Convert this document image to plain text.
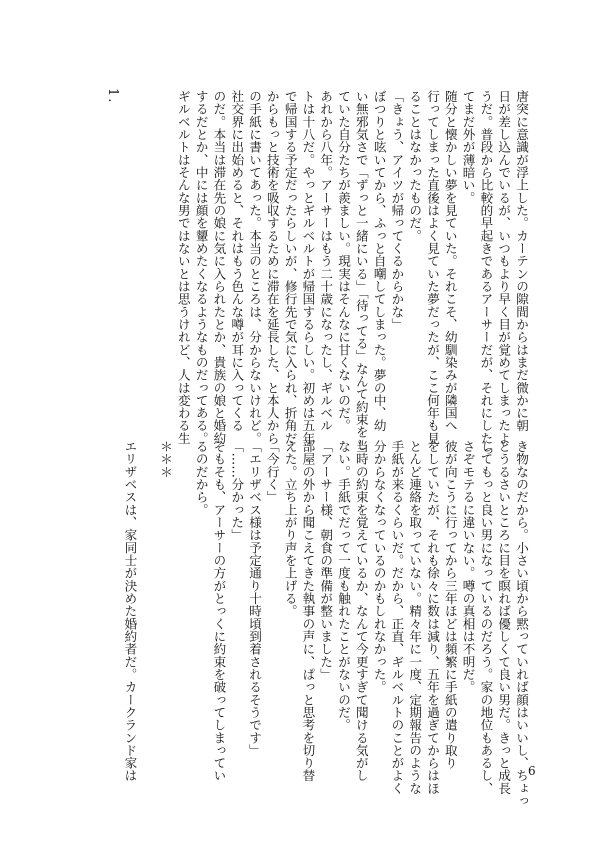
1.	唐突に意識が浮上した。カーテンの隙間からはまだ微かに朝
日が差し込んでいるが、いつもより早く目が覚めてしまったよ
うだ。普段から比較的早起きであるアーサーだが、それにしたっ
てまだ外が薄暗い。
随分と懐かしい夢を見ていた。それこそ、幼馴染みが隣国へ
行ってしまった直後はよく見ていた夢だったが、ここ何年も見
ることはなかったものだ。
「きょう、アイツが帰ってくるからかな」
ぼつりと呟いてから、ふっと自嘲してしまった。夢の中、幼
い無邪気さで「ずっと一緒にいる」「待ってる」なんて約束をし
ていた自分たちが羨ましい。現実はそんなに甘くないのだ。
あれから八年。アーサーはもう二十歳になったし、ギルベル
トは十八だ。やっとギルベルトが帰国するらしい。初めは五年
で帰国する予定だったらしいが、修行先で気に入られ、折角だ
からもっと技術を吸収するために滞在を延長した、と本人から
の手紙に書いてあった。本当のところは、分からないけれど。
社交界に出始めると、それはもう色んな噂が耳に入ってくる
のだ。本当は滞在先の娘に気に入られたとか、貴族の娘と婚約
するだとか、中には顔を顰めたくなるようなものだってある。
ギルベルトはそんな男ではないとは思うけれど、人は変わる生
き物なのだから。小さい頃から黙っていれば顔はいいし、ちょっ
とうるさいところに目を瞑れば優しくて良い男だ。きっと成長
してもっと良い男になっているのだろう。家の地位もあるし、
さぞモテるに違いない。噂の真相は不明だ。
彼が向こうに行ってから三年ほどは頻繁に手紙の遣り取り
をしていたが、それも徐々に数は減り、五年を過ぎてからはほ
とんど連絡を取っていない。精々年に一度、定期報告のような
手紙が来るくらいだ。だから、正直、ギルベルトのことがよく
分からなくなっているのかもしれなかった。
当時の約束を覚えているか、なんて今更すぎて聞ける気がし
ない。手紙でだって一度も触れたことがないのだ。
「アーサー様、朝食の準備が整いました」
部屋の外から聞こえてきた執事の声に、ぱっと思考を切り替
えた。立ち上がり声を上げる。
「今行く」
「エリザベス様は予定通り十時頃到着されるそうです」
「……分かった」
そもそも、アーサーの方がとっくに約束を破ってしまってい
るのだから。

＊＊＊

エリザベスは、家同士が決めた婚約者だ。カークランド家は	6
